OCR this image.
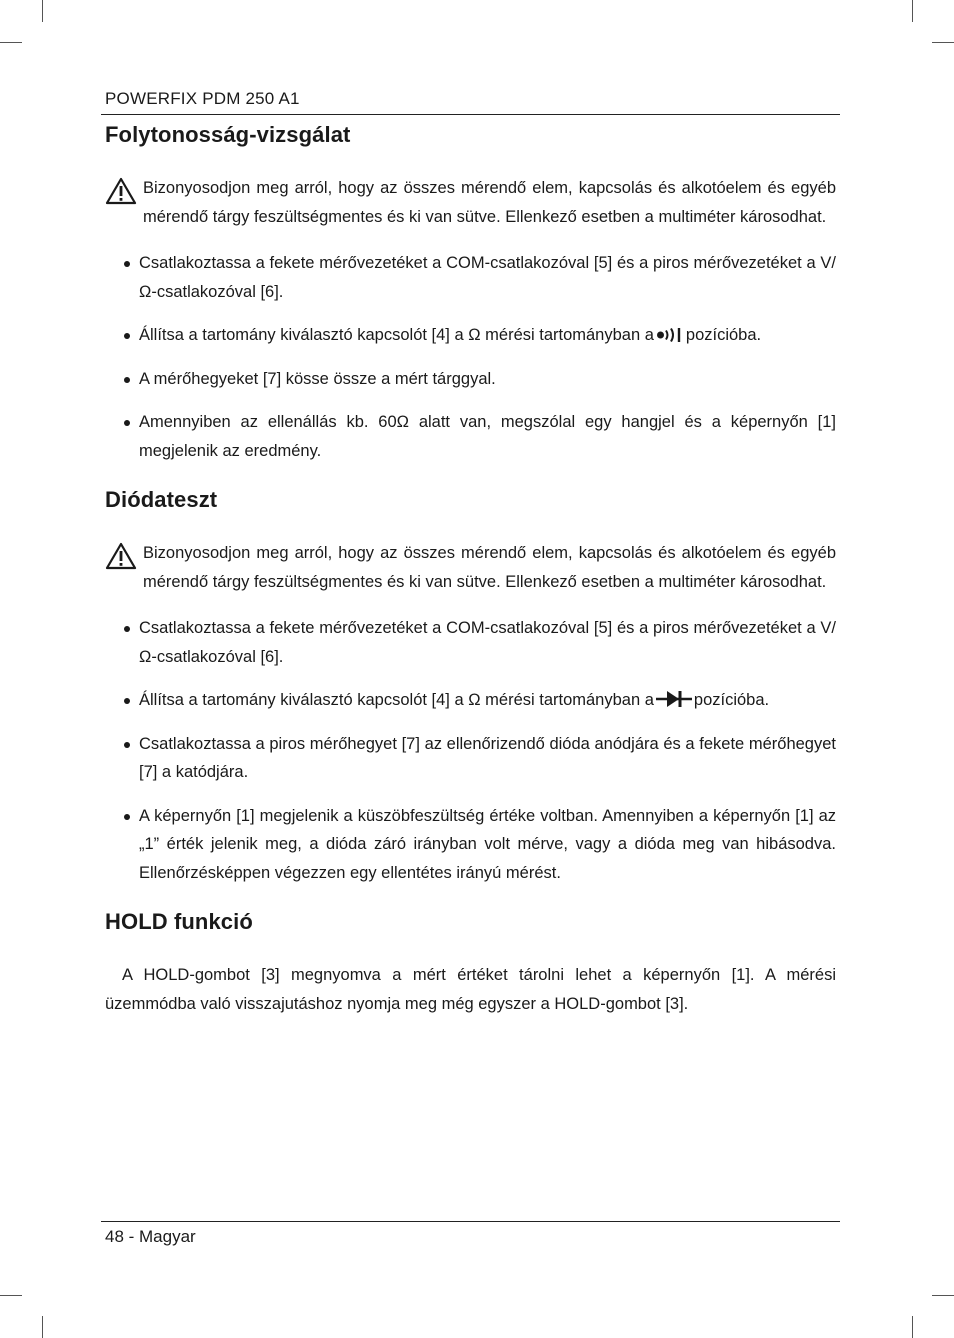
POWERFIX PDM 250 A1
Folytonosság-vizsgálat

Bizonyosodjon meg arról, hogy az összes mérendő elem, kapcsolás és alkotóelem és egyéb mérendő tárgy feszültségmentes és ki van sütve. Ellenkező esetben a multiméter károsodhat.

Csatlakoztassa a fekete mérővezetéket a COM-csatlakozóval [5] és a piros mérővezetéket a V/Ω-csatlakozóval [6].
Állítsa a tartomány kiválasztó kapcsolót [4] a Ω mérési tartományban a pozícióba.
A mérőhegyeket [7] kösse össze a mért tárggyal.
Amennyiben az ellenállás kb. 60Ω alatt van, megszólal egy hangjel és a képernyőn [1] megjelenik az eredmény.
Diódateszt

Bizonyosodjon meg arról, hogy az összes mérendő elem, kapcsolás és alkotóelem és egyéb mérendő tárgy feszültségmentes és ki van sütve. Ellenkező esetben a multiméter károsodhat.

Csatlakoztassa a fekete mérővezetéket a COM-csatlakozóval [5] és a piros mérővezetéket a V/Ω-csatlakozóval [6].
Állítsa a tartomány kiválasztó kapcsolót [4] a Ω mérési tartományban a pozícióba.
Csatlakoztassa a piros mérőhegyet [7] az ellenőrizendő dióda anódjára és a fekete mérőhegyet [7] a katódjára.
A képernyőn [1] megjelenik a küszöbfeszültség értéke voltban. Amennyiben a képernyőn [1] az „1” érték jelenik meg, a dióda záró irányban volt mérve, vagy a dióda meg van hibásodva. Ellenőrzésképpen végezzen egy ellentétes irányú mérést.
HOLD funkció

A HOLD-gombot [3] megnyomva a mért értéket tárolni lehet a képernyőn [1]. A mérési üzemmódba való visszajutáshoz nyomja meg még egyszer a HOLD-gombot [3].

48 - Magyar
